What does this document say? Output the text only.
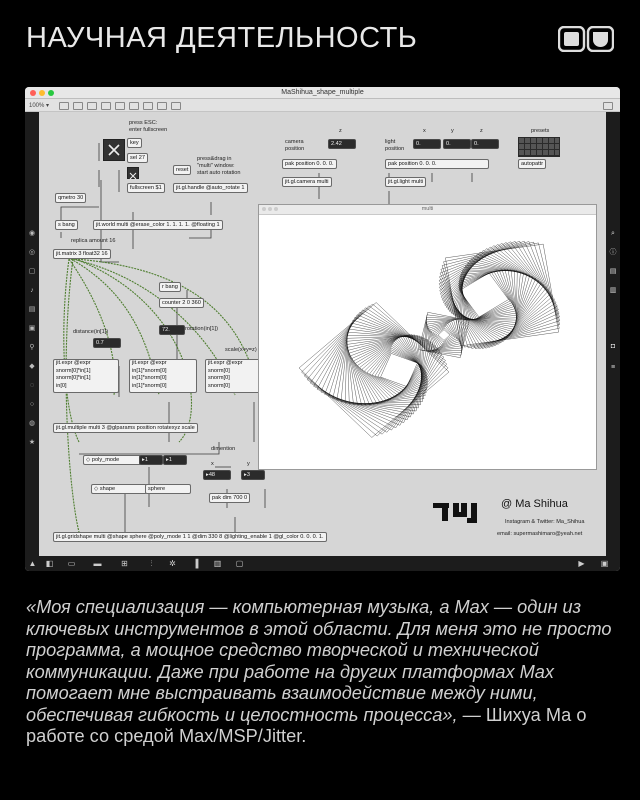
НАУЧНАЯ ДЕЯТЕЛЬНОСТЬ
MaShihua_shape_multiple
100% ▾
◉
◎
▢
♪
▤
▣
⚲
◆
◌
○
◍
★
⌕
ⓘ
▤
▥
◘
≡
▲ ◧ ▭ ▬ ⊞	⫶	✲ ▐ ▥ ▢	▶ ▣
press ESC:
enter fullscreen
key
sel 27
fullscreen $1
reset
press&drag in
"multi" window:
start auto rotation
jit.gl.handle @auto_rotate 1
qmetro 30
s bang	jit.world multi @erase_color 1. 1. 1. 1. @floating 1
camera
position
z
2.42
pak position 0. 0. 0.
jit.gl.camera multi
light
position
x	y	z
0.	0.	0.
pak position 0. 0. 0.
jit.gl.light multi
presets
autopattr
replica amount 16
jit.matrix 3 float32 16
r bang
counter 2 0 360
72.	rotation(in[1])
distance(in[1])
0.7
scale(x=y=z)
jit.expr @expr
snorm[0]*in[1]
snorm[0]*in[1]
in[0]
jit.expr @expr
in[1]*snorm[0]
in[1]*snorm[0]
in[1]*snorm[0]
jit.expr @expr
snorm[0]
snorm[0]
snorm[0]
jit.gl.multiple multi 3 @glparams position rotatexyz scale
◇ poly_mode	▸1	▸1
◇ shape	sphere
dimention
x	y
▸48	▸3
pak dim 700 0
jit.gl.gridshape multi @shape sphere @poly_mode 1 1 @dim 330 8 @lighting_enable 1 @gl_color 0. 0. 0. 1.
multi
@ Ma Shihua
Instagram & Twitter: Ma_Shihua
email: supermashimaro@yeah.net
«Моя специализация — компьютерная музыка, а Max — один из ключевых инструментов в этой области. Для меня это не просто программа, а мощное средство творческой и технической коммуникации. Даже при работе на других платформах Max помогает мне выстраивать взаимодействие между ними, обеспечивая гибкость и целостность процесса», — Шихуа Ма о работе со средой Max/MSP/Jitter.
